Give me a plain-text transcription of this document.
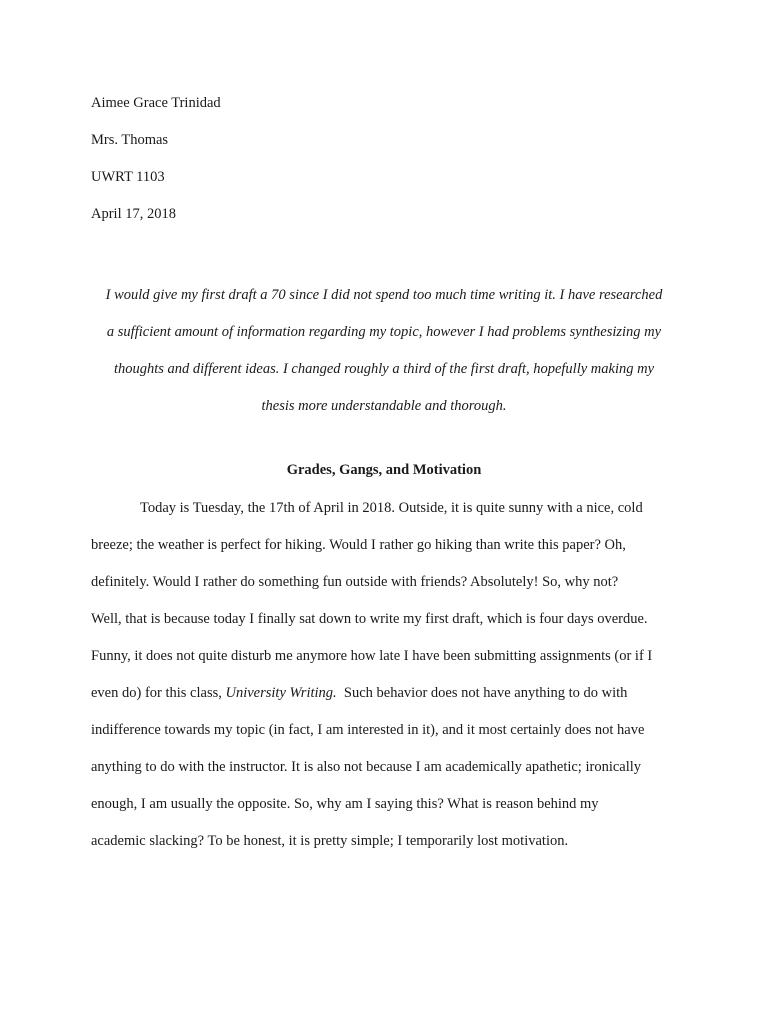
Aimee Grace Trinidad
Mrs. Thomas
UWRT 1103
April 17, 2018
I would give my first draft a 70 since I did not spend too much time writing it. I have researched
a sufficient amount of information regarding my topic, however I had problems synthesizing my
thoughts and different ideas. I changed roughly a third of the first draft, hopefully making my
thesis more understandable and thorough.
Grades, Gangs, and Motivation
Today is Tuesday, the 17th of April in 2018. Outside, it is quite sunny with a nice, cold
breeze; the weather is perfect for hiking. Would I rather go hiking than write this paper? Oh,
definitely. Would I rather do something fun outside with friends? Absolutely! So, why not?
Well, that is because today I finally sat down to write my first draft, which is four days overdue.
Funny, it does not quite disturb me anymore how late I have been submitting assignments (or if I
even do) for this class, University Writing.  Such behavior does not have anything to do with
indifference towards my topic (in fact, I am interested in it), and it most certainly does not have
anything to do with the instructor. It is also not because I am academically apathetic; ironically
enough, I am usually the opposite. So, why am I saying this? What is reason behind my
academic slacking? To be honest, it is pretty simple; I temporarily lost motivation.
